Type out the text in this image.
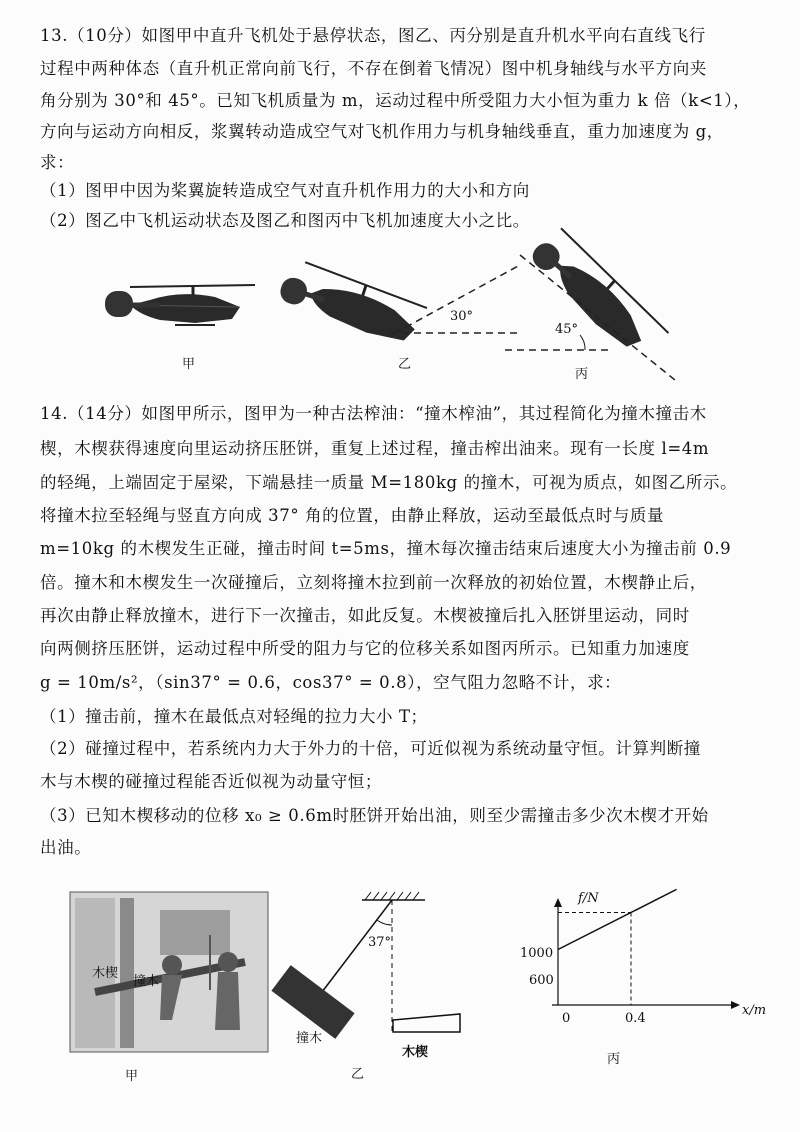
13.（10分）如图甲中直升飞机处于悬停状态，图乙、丙分别是直升机水平向右直线飞行
过程中两种体态（直升机正常向前飞行，不存在倒着飞情况）图中机身轴线与水平方向夹
角分别为 30°和 45°。已知飞机质量为 m，运动过程中所受阻力大小恒为重力 k 倍（k<1），
方向与运动方向相反，浆翼转动造成空气对飞机作用力与机身轴线垂直，重力加速度为 g，
求：
（1）图甲中因为桨翼旋转造成空气对直升机作用力的大小和方向
（2）图乙中飞机运动状态及图乙和图丙中飞机加速度大小之比。
30°
45°
甲	乙
丙
14.（14分）如图甲所示，图甲为一种古法榨油：“撞木榨油”，其过程简化为撞木撞击木
楔，木楔获得速度向里运动挤压胚饼，重复上述过程，撞击榨出油来。现有一长度 l=4m
的轻绳，上端固定于屋梁，下端悬挂一质量 M=180kg 的撞木，可视为质点，如图乙所示。
将撞木拉至轻绳与竖直方向成 37° 角的位置，由静止释放，运动至最低点时与质量
m=10kg 的木楔发生正碰，撞击时间 t=5ms，撞木每次撞击结束后速度大小为撞击前 0.9
倍。撞木和木楔发生一次碰撞后，立刻将撞木拉到前一次释放的初始位置，木楔静止后，
再次由静止释放撞木，进行下一次撞击，如此反复。木楔被撞后扎入胚饼里运动，同时
向两侧挤压胚饼，运动过程中所受的阻力与它的位移关系如图丙所示。已知重力加速度
g = 10m/s²，（sin37° = 0.6，cos37° = 0.8），空气阻力忽略不计，求：
（1）撞击前，撞木在最低点对轻绳的拉力大小 T；
（2）碰撞过程中，若系统内力大于外力的十倍，可近似视为系统动量守恒。计算判断撞
木与木楔的碰撞过程能否近似视为动量守恒；
（3）已知木楔移动的位移 x₀ ≥ 0.6m时胚饼开始出油，则至少需撞击多少次木楔才开始
出油。
木楔
撞木
甲
37°
撞木
木楔
乙
f/N
x/m
1000
600
0	0.4
丙
